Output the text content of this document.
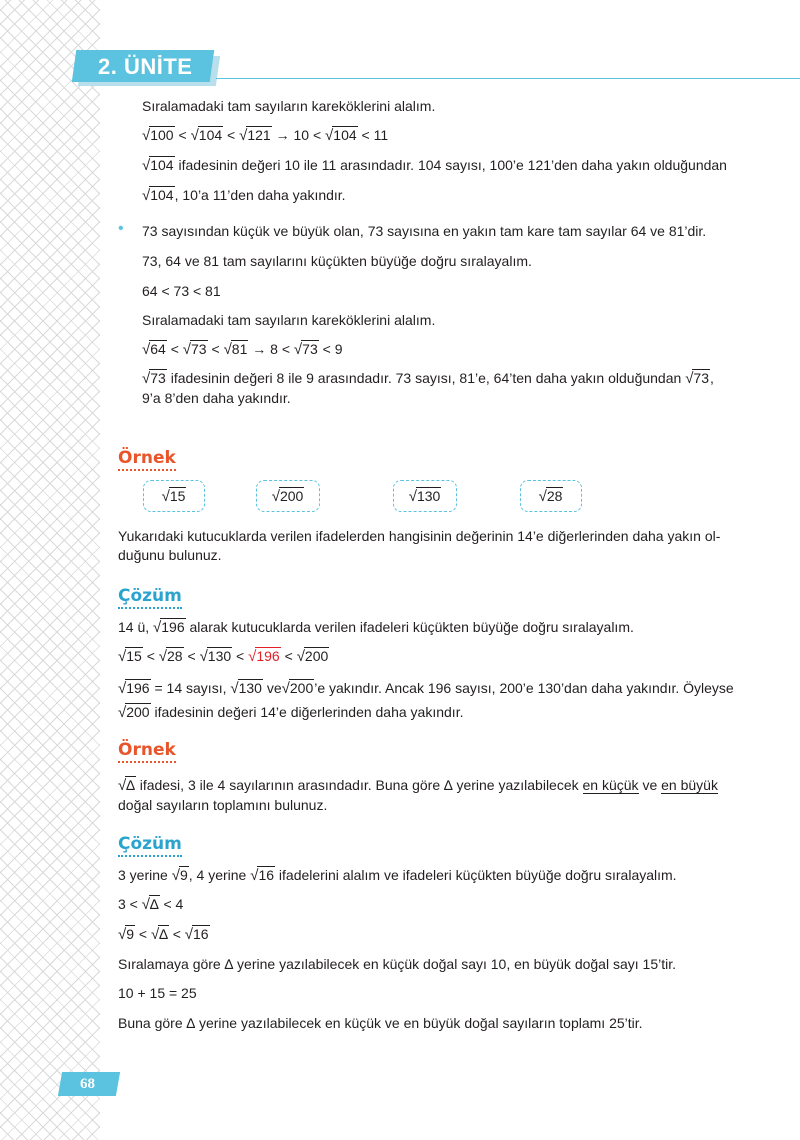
2. ÜNİTE
Sıralamadaki tam sayıların kareköklerini alalım.
√100 < √104 < √121 → 10 < √104 < 11
√104 ifadesinin değeri 10 ile 11 arasındadır. 104 sayısı, 100’e 121’den daha yakın olduğundan
√104, 10’a 11’den daha yakındır.
• 73 sayısından küçük ve büyük olan, 73 sayısına en yakın tam kare tam sayılar 64 ve 81’dir.
73, 64 ve 81 tam sayılarını küçükten büyüğe doğru sıralayalım.
64 < 73 < 81
Sıralamadaki tam sayıların kareköklerini alalım.
√64 < √73 < √81 → 8 < √73 < 9
√73 ifadesinin değeri 8 ile 9 arasındadır. 73 sayısı, 81’e, 64’ten daha yakın olduğundan √73,
9’a 8’den daha yakındır.
Örnek
√15	√200	√130	√28
Yukarıdaki kutucuklarda verilen ifadelerden hangisinin değerinin 14’e diğerlerinden daha yakın ol-
duğunu bulunuz.
Çözüm
14 ü, √196 alarak kutucuklarda verilen ifadeleri küçükten büyüğe doğru sıralayalım.
√15 < √28 < √130 < √196 < √200
√196 = 14 sayısı, √130 ve√200’e yakındır. Ancak 196 sayısı, 200’e 130’dan daha yakındır. Öyleyse
√200 ifadesinin değeri 14’e diğerlerinden daha yakındır.
Örnek
√∆ ifadesi, 3 ile 4 sayılarının arasındadır. Buna göre ∆ yerine yazılabilecek en küçük ve en büyük
doğal sayıların toplamını bulunuz.
Çözüm
3 yerine √9, 4 yerine √16 ifadelerini alalım ve ifadeleri küçükten büyüğe doğru sıralayalım.
3 < √∆ < 4
√9 < √∆ < √16
Sıralamaya göre ∆ yerine yazılabilecek en küçük doğal sayı 10, en büyük doğal sayı 15’tir.
10 + 15 = 25
Buna göre ∆ yerine yazılabilecek en küçük ve en büyük doğal sayıların toplamı 25’tir.
68
